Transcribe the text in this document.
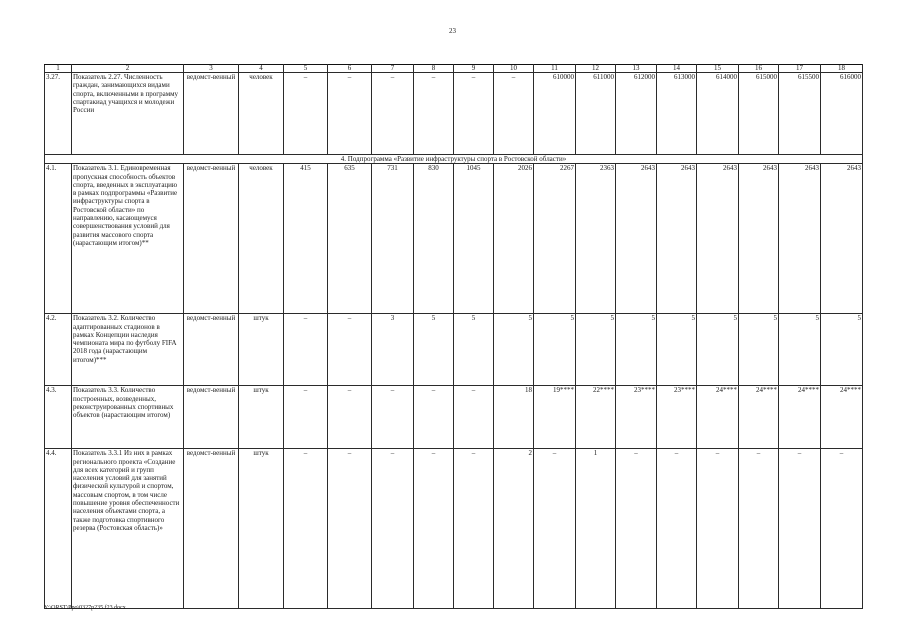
23
1	2	3	4	5	6	7	8	9	10	11	12	13	14	15	16	17	18
3.27.	Показатель 2.27. Численность граждан, занимающихся видами спорта, включенными в программу спартакиад учащихся и молодежи России	ведомст-венный	человек	–	–	–	–	–	–	610000	611000	612000	613000	614000	615000	615500	616000
4. Подпрограмма «Развитие инфраструктуры спорта в Ростовской области»																	
4.1.	Показатель 3.1. Единовременная пропускная способность объектов спорта, введенных в эксплуатацию в рамках подпрограммы «Развитие инфраструктуры спорта в Ростовской области» по направлению, касающемуся совершенствования условий для развития массового спорта (нарастающим итогом)**	ведомст-венный	человек	415	635	731	830	1045	2026	2267	2363	2643	2643	2643	2643	2643	2643
4.2.	Показатель 3.2. Количество адаптированных стадионов в рамках Концепции наследия чемпионата мира по футболу FIFA 2018 года (нарастающим итогом)***	ведомст-венный	штук	–	–	3	5	5	5	5	5	5	5	5	5	5	5
4.3.	Показатель 3.3. Количество построенных, возведенных, реконструированных спортивных объектов (нарастающим итогом)	ведомст-венный	штук	–	–	–	–	–	18	19****	22****	23****	23****	24****	24****	24****	24****
4.4.	Показатель 3.3.1 Из них в рамках регионального проекта «Создание для всех категорий и групп населения условий для занятий физической культурой и спортом, массовым спортом, в том числе повышение уровня обеспеченности населения объектами спорта, а также подготовка спортивного резерва (Ростовская область)»	ведомст-венный	штук	–	–	–	–	–	2	–	1	–	–	–	–	–	–
Y:\ORST\Ppo\0327p235.f23.docx
